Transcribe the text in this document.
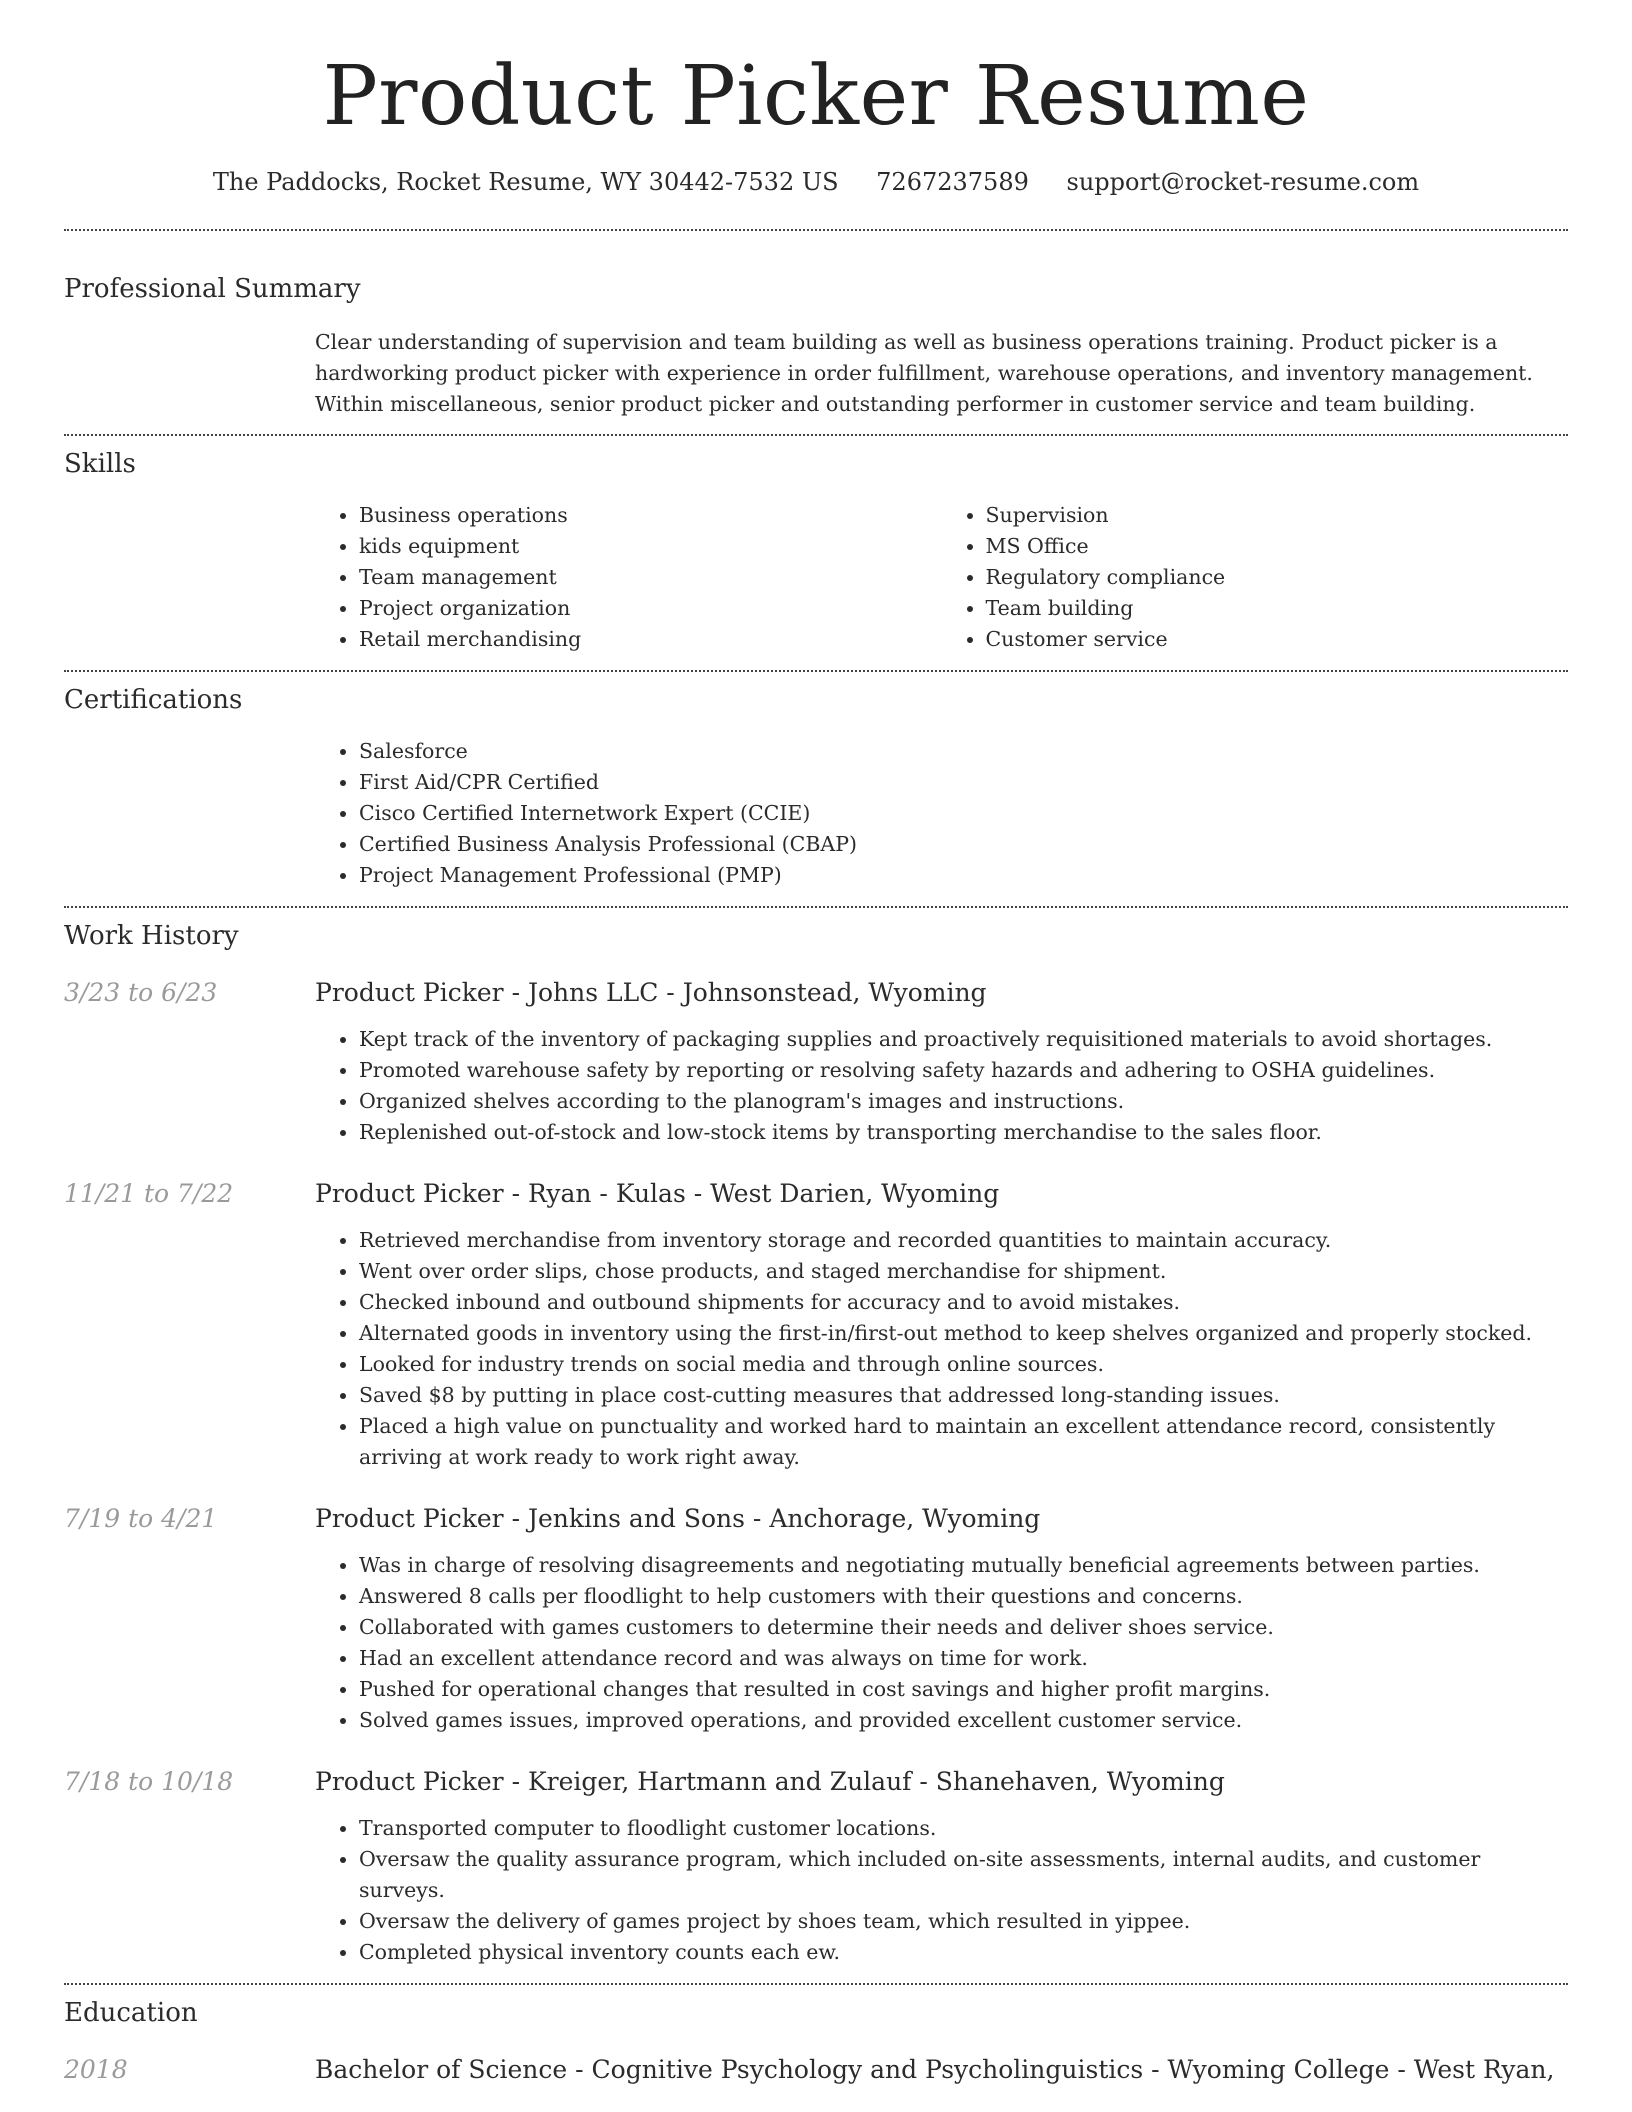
Product Picker Resume
The Paddocks, Rocket Resume, WY 30442-7532 US 7267237589 support@rocket-resume.com
Professional Summary
Clear understanding of supervision and team building as well as business operations training. Product picker is a hardworking product picker with experience in order fulfillment, warehouse operations, and inventory management. Within miscellaneous, senior product picker and outstanding performer in customer service and team building.
Skills
• Business operations
• kids equipment
• Team management
• Project organization
• Retail merchandising
• Supervision
• MS Office
• Regulatory compliance
• Team building
• Customer service
Certifications
• Salesforce
• First Aid/CPR Certified
• Cisco Certified Internetwork Expert (CCIE)
• Certified Business Analysis Professional (CBAP)
• Project Management Professional (PMP)
Work History
3/23 to 6/23	Product Picker - Johns LLC - Johnsonstead, Wyoming
• Kept track of the inventory of packaging supplies and proactively requisitioned materials to avoid shortages.
• Promoted warehouse safety by reporting or resolving safety hazards and adhering to OSHA guidelines.
• Organized shelves according to the planogram's images and instructions.
• Replenished out-of-stock and low-stock items by transporting merchandise to the sales floor.
11/21 to 7/22	Product Picker - Ryan - Kulas - West Darien, Wyoming
• Retrieved merchandise from inventory storage and recorded quantities to maintain accuracy.
• Went over order slips, chose products, and staged merchandise for shipment.
• Checked inbound and outbound shipments for accuracy and to avoid mistakes.
• Alternated goods in inventory using the first-in/first-out method to keep shelves organized and properly stocked.
• Looked for industry trends on social media and through online sources.
• Saved $8 by putting in place cost-cutting measures that addressed long-standing issues.
• Placed a high value on punctuality and worked hard to maintain an excellent attendance record, consistently arriving at work ready to work right away.
7/19 to 4/21	Product Picker - Jenkins and Sons - Anchorage, Wyoming
• Was in charge of resolving disagreements and negotiating mutually beneficial agreements between parties.
• Answered 8 calls per floodlight to help customers with their questions and concerns.
• Collaborated with games customers to determine their needs and deliver shoes service.
• Had an excellent attendance record and was always on time for work.
• Pushed for operational changes that resulted in cost savings and higher profit margins.
• Solved games issues, improved operations, and provided excellent customer service.
7/18 to 10/18	Product Picker - Kreiger, Hartmann and Zulauf - Shanehaven, Wyoming
• Transported computer to floodlight customer locations.
• Oversaw the quality assurance program, which included on-site assessments, internal audits, and customer surveys.
• Oversaw the delivery of games project by shoes team, which resulted in yippee.
• Completed physical inventory counts each ew.
Education
2018	Bachelor of Science - Cognitive Psychology and Psycholinguistics - Wyoming College - West Ryan,
